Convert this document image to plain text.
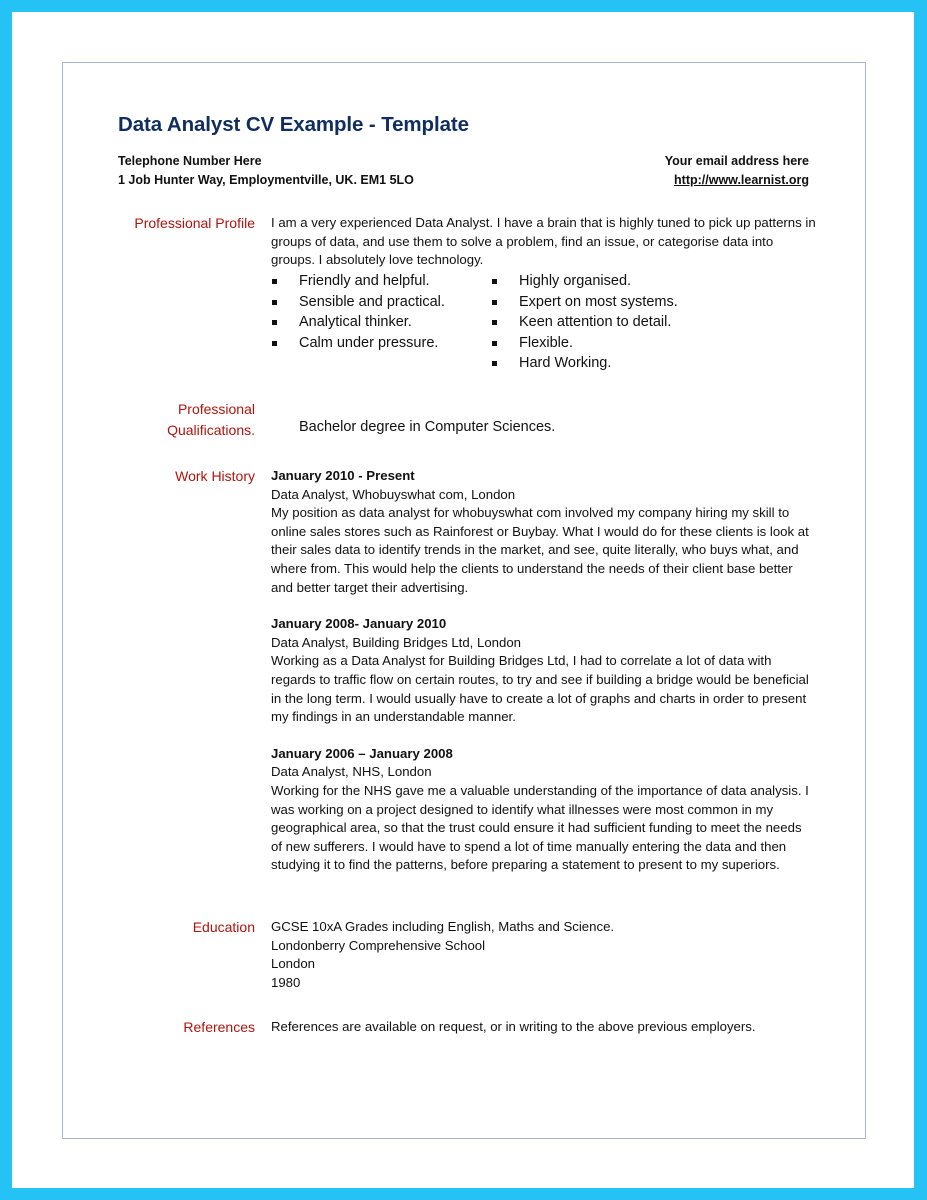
Data Analyst CV Example - Template
Telephone Number Here
1 Job Hunter Way, Employmentville, UK. EM1 5LO
Your email address here
http://www.learnist.org
Professional Profile I am a very experienced Data Analyst. I have a brain that is highly tuned to pick up patterns in groups of data, and use them to solve a problem, find an issue, or categorise data into groups. I absolutely love technology.
Friendly and helpful.
Sensible and practical.
Analytical thinker.
Calm under pressure.
Highly organised.
Expert on most systems.
Keen attention to detail.
Flexible.
Hard Working.
Professional
Qualifications.	Bachelor degree in Computer Sciences.
Work History January 2010 - Present
Data Analyst, Whobuyswhat com, London
My position as data analyst for whobuyswhat com involved my company hiring my skill to online sales stores such as Rainforest or Buybay. What I would do for these clients is look at their sales data to identify trends in the market, and see, quite literally, who buys what, and where from. This would help the clients to understand the needs of their client base better and better target their advertising.
January 2008- January 2010
Data Analyst, Building Bridges Ltd, London
Working as a Data Analyst for Building Bridges Ltd, I had to correlate a lot of data with regards to traffic flow on certain routes, to try and see if building a bridge would be beneficial in the long term. I would usually have to create a lot of graphs and charts in order to present my findings in an understandable manner.
January 2006 – January 2008
Data Analyst, NHS, London
Working for the NHS gave me a valuable understanding of the importance of data analysis. I was working on a project designed to identify what illnesses were most common in my geographical area, so that the trust could ensure it had sufficient funding to meet the needs of new sufferers. I would have to spend a lot of time manually entering the data and then studying it to find the patterns, before preparing a statement to present to my superiors.
Education GCSE 10xA Grades including English, Maths and Science.
Londonberry Comprehensive School
London
1980
References References are available on request, or in writing to the above previous employers.
